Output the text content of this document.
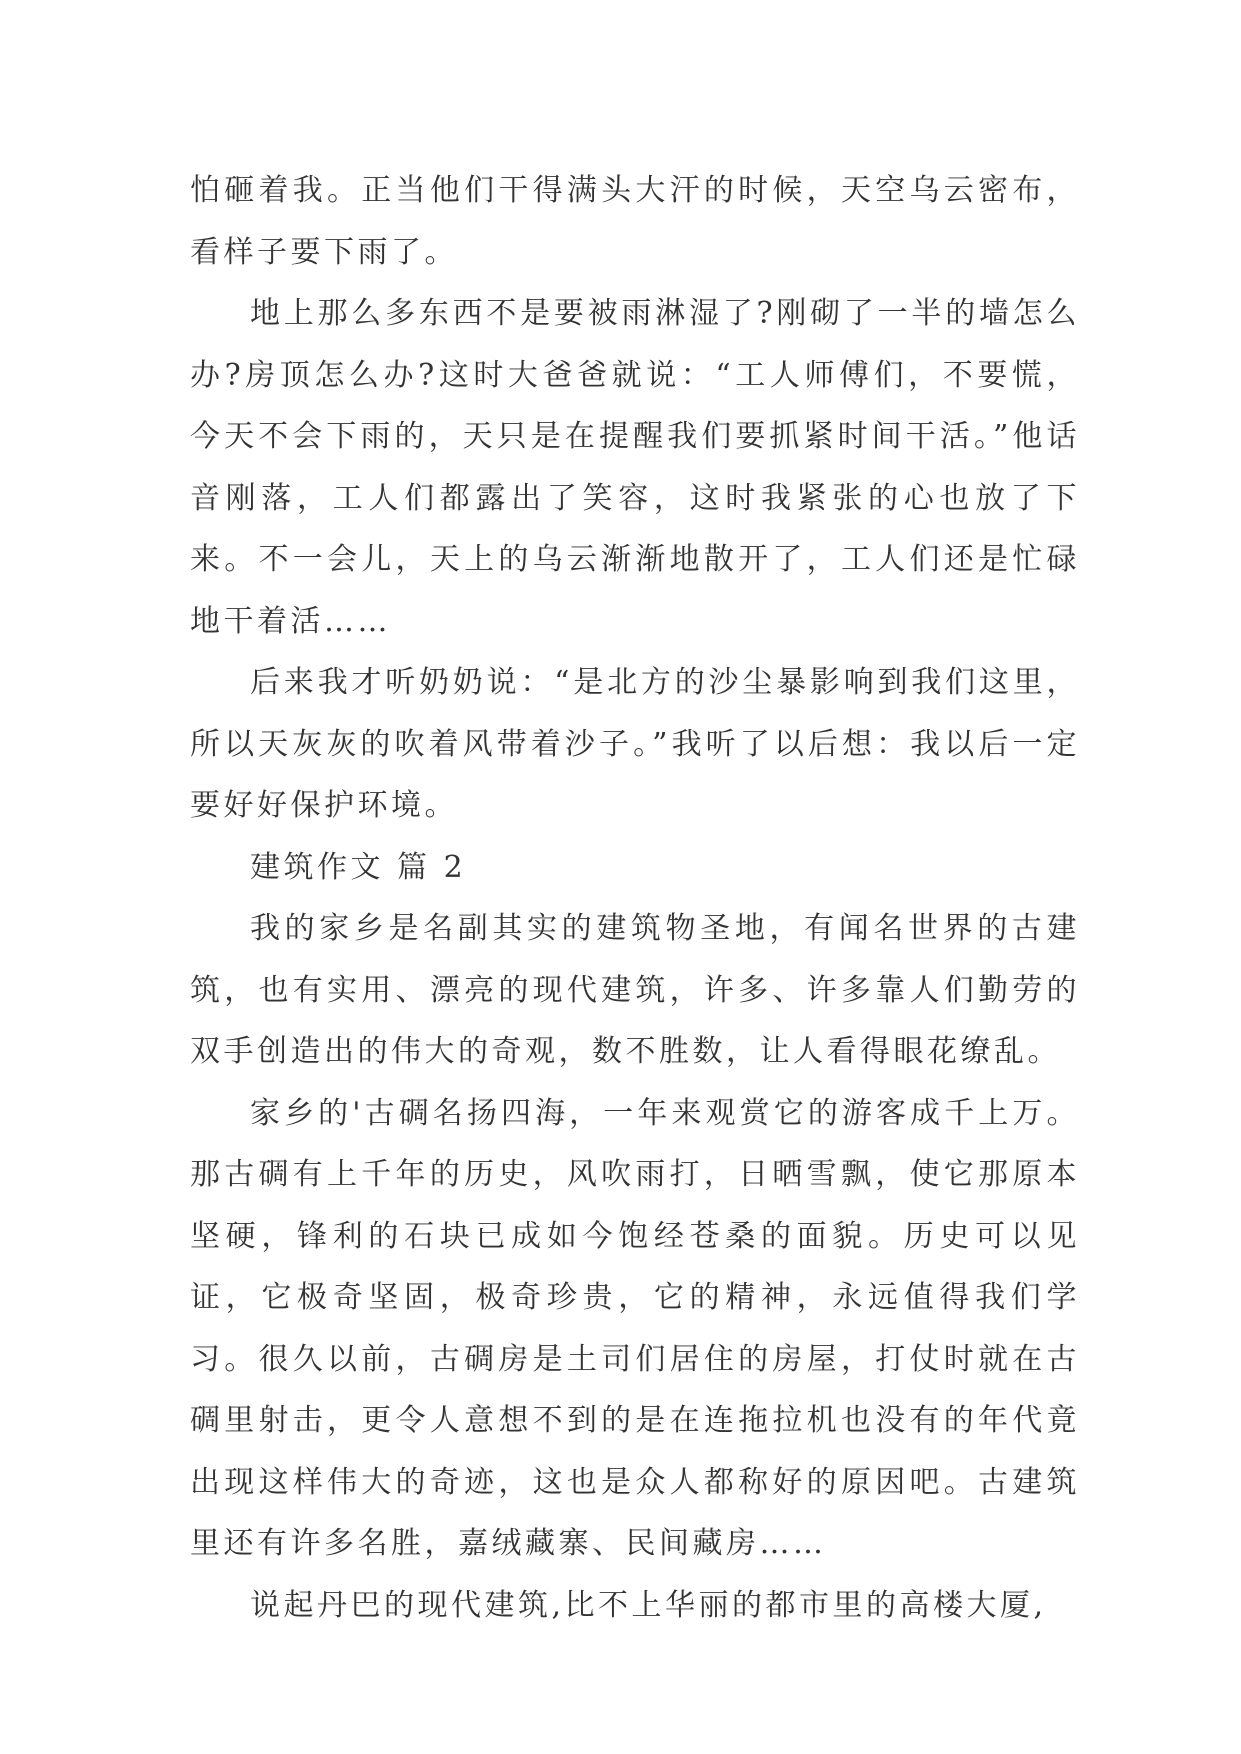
怕砸着我。正当他们干得满头大汗的时候，天空乌云密布，看样子要下雨了。

地上那么多东西不是要被雨淋湿了?刚砌了一半的墙怎么办?房顶怎么办?这时大爸爸就说：“工人师傅们，不要慌，今天不会下雨的，天只是在提醒我们要抓紧时间干活。”他话音刚落，工人们都露出了笑容，这时我紧张的心也放了下来。不一会儿，天上的乌云渐渐地散开了，工人们还是忙碌地干着活……

后来我才听奶奶说：“是北方的沙尘暴影响到我们这里，所以天灰灰的吹着风带着沙子。”我听了以后想：我以后一定要好好保护环境。

建筑作文 篇 2

我的家乡是名副其实的建筑物圣地，有闻名世界的古建筑，也有实用、漂亮的现代建筑，许多、许多靠人们勤劳的双手创造出的伟大的奇观，数不胜数，让人看得眼花缭乱。

家乡的'古碉名扬四海，一年来观赏它的游客成千上万。那古碉有上千年的历史，风吹雨打，日晒雪飘，使它那原本坚硬，锋利的石块已成如今饱经苍桑的面貌。历史可以见证，它极奇坚固，极奇珍贵，它的精神，永远值得我们学习。很久以前，古碉房是土司们居住的房屋，打仗时就在古碉里射击，更令人意想不到的是在连拖拉机也没有的年代竟出现这样伟大的奇迹，这也是众人都称好的原因吧。古建筑里还有许多名胜，嘉绒藏寨、民间藏房……

说起丹巴的现代建筑,比不上华丽的都市里的高楼大厦,
